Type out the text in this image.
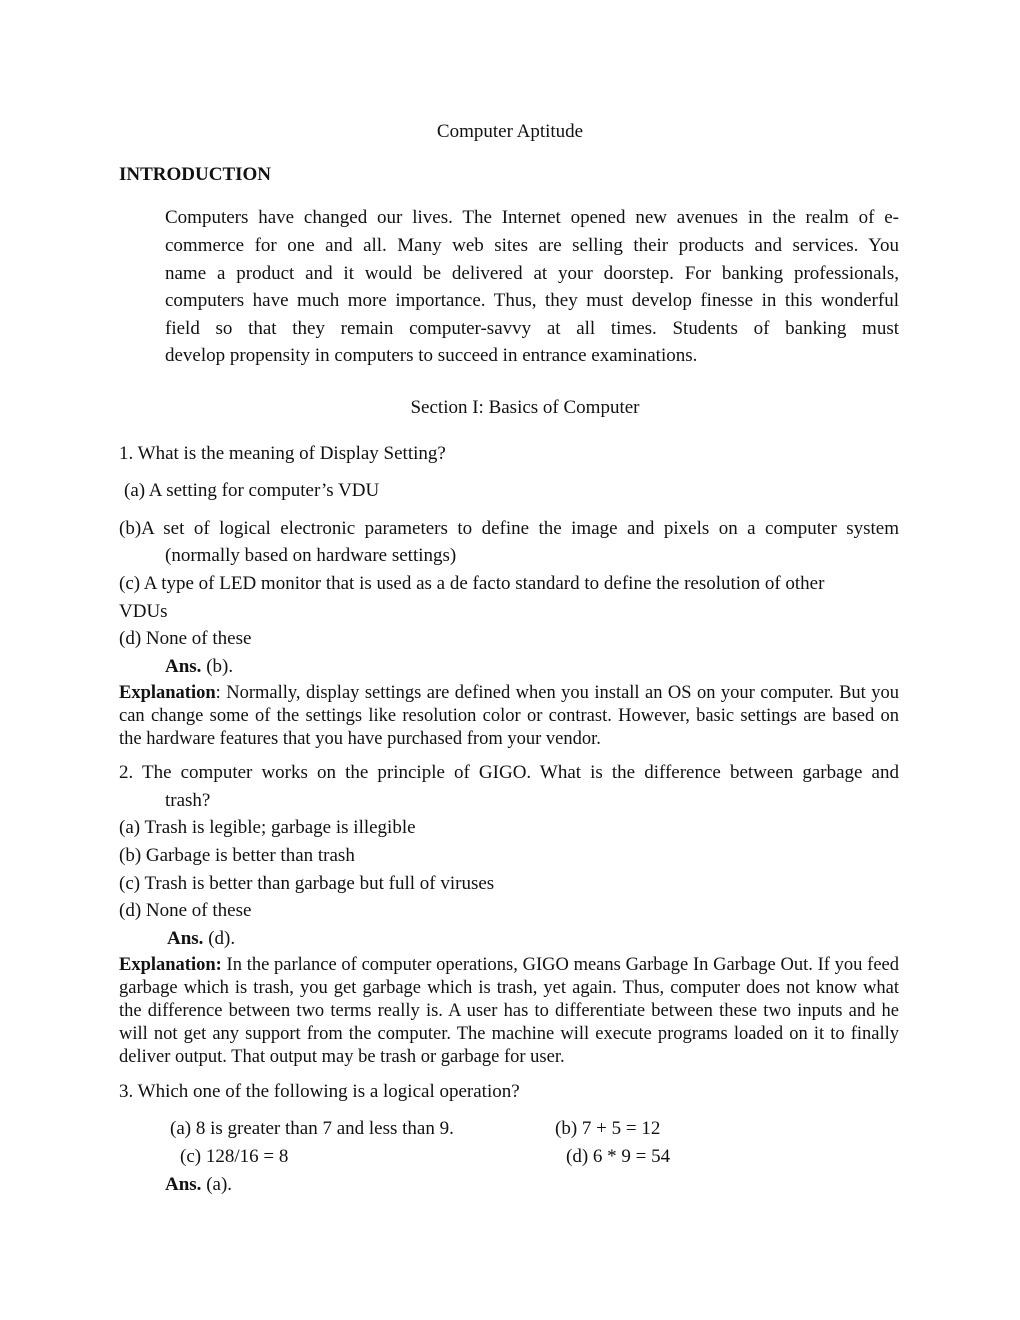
Computer Aptitude
INTRODUCTION
Computers have changed our lives. The Internet opened new avenues in the realm of e-
commerce for one and all. Many web sites are selling their products and services. You
name a product and it would be delivered at your doorstep. For banking professionals,
computers have much more importance. Thus, they must develop finesse in this wonderful
field so that they remain computer-savvy at all times. Students of banking must
develop propensity in computers to succeed in entrance examinations.
Section I: Basics of Computer
1. What is the meaning of Display Setting?
(a) A setting for computer’s VDU
(b)A set of logical electronic parameters to define the image and pixels on a computer system
(normally based on hardware settings)
(c) A type of LED monitor that is used as a de facto standard to define the resolution of other
VDUs
(d) None of these
Ans. (b).
Explanation: Normally, display settings are defined when you install an OS on your computer. But you can change some of the settings like resolution color or contrast. However, basic settings are based on the hardware features that you have purchased from your vendor.
2. The computer works on the principle of GIGO. What is the difference between garbage and
trash?
(a) Trash is legible; garbage is illegible
(b) Garbage is better than trash
(c) Trash is better than garbage but full of viruses
(d) None of these
Ans. (d).
Explanation: In the parlance of computer operations, GIGO means Garbage In Garbage Out. If you feed garbage which is trash, you get garbage which is trash, yet again. Thus, computer does not know what the difference between two terms really is. A user has to differentiate between these two inputs and he will not get any support from the computer. The machine will execute programs loaded on it to finally deliver output. That output may be trash or garbage for user.
3. Which one of the following is a logical operation?
(a) 8 is greater than 7 and less than 9.	(b) 7 + 5 = 12
(c) 128/16 = 8	(d) 6 * 9 = 54
Ans. (a).
